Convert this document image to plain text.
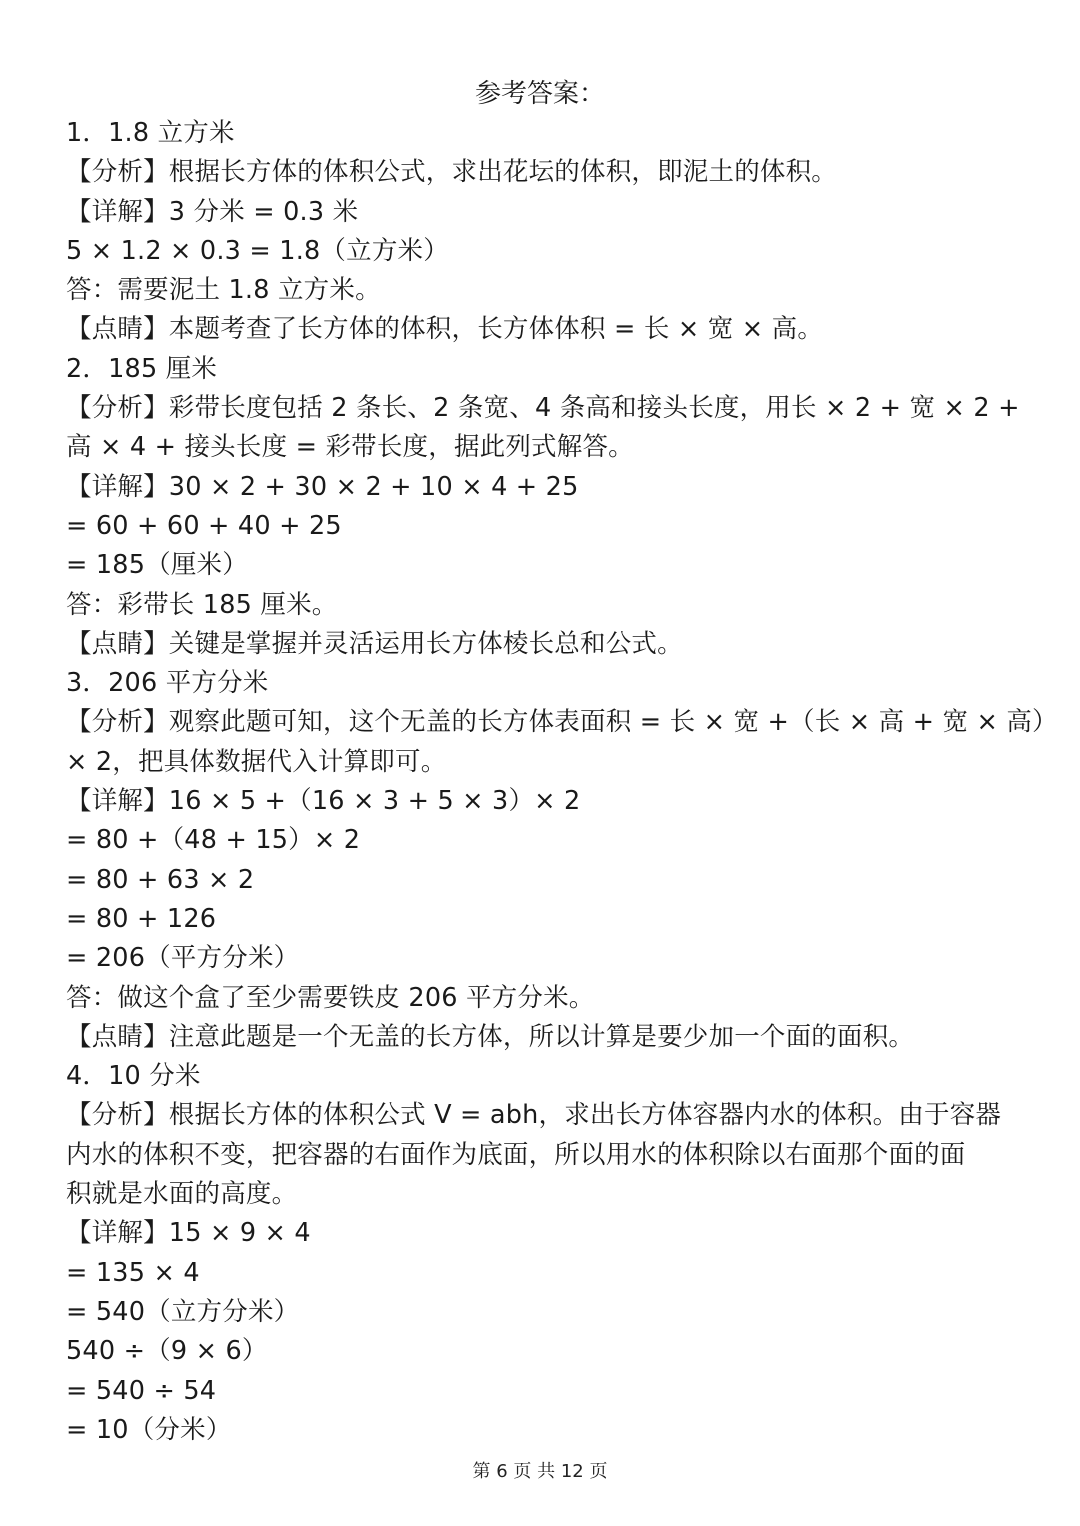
参考答案：
1．1.8 立方米
【分析】根据长方体的体积公式，求出花坛的体积，即泥土的体积。
【详解】3 分米 = 0.3 米
5 × 1.2 × 0.3 = 1.8（立方米）
答：需要泥土 1.8 立方米。
【点睛】本题考查了长方体的体积，长方体体积 = 长 × 宽 × 高。
2．185 厘米
【分析】彩带长度包括 2 条长、2 条宽、4 条高和接头长度，用长 × 2 + 宽 × 2 +
高 × 4 + 接头长度 = 彩带长度，据此列式解答。
【详解】30 × 2 + 30 × 2 + 10 × 4 + 25
= 60 + 60 + 40 + 25
= 185（厘米）
答：彩带长 185 厘米。
【点睛】关键是掌握并灵活运用长方体棱长总和公式。
3．206 平方分米
【分析】观察此题可知，这个无盖的长方体表面积 = 长 × 宽 +（长 × 高 + 宽 × 高）
× 2，把具体数据代入计算即可。
【详解】16 × 5 +（16 × 3 + 5 × 3）× 2
= 80 +（48 + 15）× 2
= 80 + 63 × 2
= 80 + 126
= 206（平方分米）
答：做这个盒了至少需要铁皮 206 平方分米。
【点睛】注意此题是一个无盖的长方体，所以计算是要少加一个面的面积。
4．10 分米
【分析】根据长方体的体积公式 V = abh，求出长方体容器内水的体积。由于容器
内水的体积不变，把容器的右面作为底面，所以用水的体积除以右面那个面的面
积就是水面的高度。
【详解】15 × 9 × 4
= 135 × 4
= 540（立方分米）
540 ÷（9 × 6）
= 540 ÷ 54
= 10（分米）
第 6 页 共 12 页
